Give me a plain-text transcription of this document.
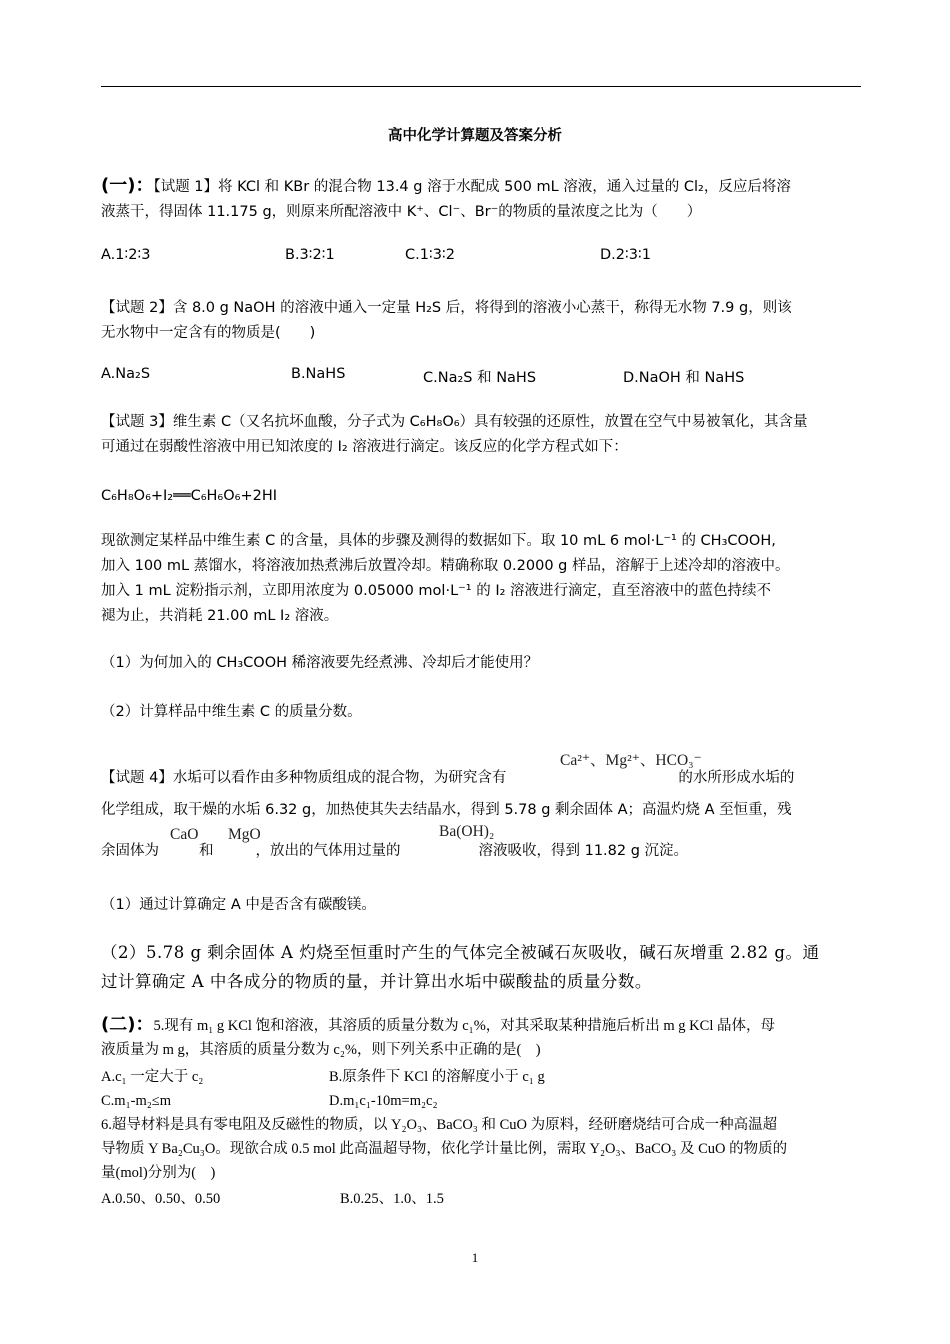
高中化学计算题及答案分析
(一)：【试题 1】将 KCl 和 KBr 的混合物 13.4 g 溶于水配成 500 mL 溶液，通入过量的 Cl₂，反应后将溶
液蒸干，得固体 11.175 g，则原来所配溶液中 K⁺、Cl⁻、Br⁻的物质的量浓度之比为（　　）
A.1∶2∶3	B.3∶2∶1	C.1∶3∶2	D.2∶3∶1
【试题 2】含 8.0 g NaOH 的溶液中通入一定量 H₂S 后，将得到的溶液小心蒸干，称得无水物 7.9 g，则该
无水物中一定含有的物质是(　　)
A.Na₂S	B.NaHS	C.Na₂S 和 NaHS	D.NaOH 和 NaHS
【试题 3】维生素 C（又名抗坏血酸，分子式为 C₆H₈O₆）具有较强的还原性，放置在空气中易被氧化，其含量
可通过在弱酸性溶液中用已知浓度的 I₂ 溶液进行滴定。该反应的化学方程式如下：
C₆H₈O₆+I₂══C₆H₆O₆+2HI
现欲测定某样品中维生素 C 的含量，具体的步骤及测得的数据如下。取 10 mL 6 mol·L⁻¹ 的 CH₃COOH,
加入 100 mL 蒸馏水，将溶液加热煮沸后放置冷却。精确称取 0.2000 g 样品，溶解于上述冷却的溶液中。
加入 1 mL 淀粉指示剂，立即用浓度为 0.05000 mol·L⁻¹ 的 I₂ 溶液进行滴定，直至溶液中的蓝色持续不
褪为止，共消耗 21.00 mL I₂ 溶液。
（1）为何加入的 CH₃COOH 稀溶液要先经煮沸、冷却后才能使用？
（2）计算样品中维生素 C 的质量分数。
【试题 4】水垢可以看作由多种物质组成的混合物，为研究含有	的水所形成水垢的
Ca²⁺、Mg²⁺、HCO₃⁻
化学组成，取干燥的水垢 6.32 g，加热使其失去结晶水，得到 5.78 g 剩余固体 A；高温灼烧 A 至恒重，残
余固体为	和	，放出的气体用过量的	溶液吸收，得到 11.82 g 沉淀。
CaO MgO	Ba(OH)₂
（1）通过计算确定 A 中是否含有碳酸镁。
（2）5.78 g 剩余固体 A 灼烧至恒重时产生的气体完全被碱石灰吸收，碱石灰增重 2.82 g。通
过计算确定 A 中各成分的物质的量，并计算出水垢中碳酸盐的质量分数。
(二)：5.现有 m₁ g KCl 饱和溶液，其溶质的质量分数为 c₁%，对其采取某种措施后析出 m g KCl 晶体，母
液质量为 m g，其溶质的质量分数为 c₂%，则下列关系中正确的是(　)
A.c₁ 一定大于 c₂	B.原条件下 KCl 的溶解度小于 c₁ g
C.m₁-m₂≤m	D.m₁c₁-10m=m₂c₂
6.超导材料是具有零电阻及反磁性的物质，以 Y₂O₃、BaCO₃ 和 CuO 为原料，经研磨烧结可合成一种高温超
导物质 Y Ba₂Cu₃O。现欲合成 0.5 mol 此高温超导物，依化学计量比例，需取 Y₂O₃、BaCO₃ 及 CuO 的物质的
量(mol)分别为(　)
A.0.50、0.50、0.50	B.0.25、1.0、1.5
1
